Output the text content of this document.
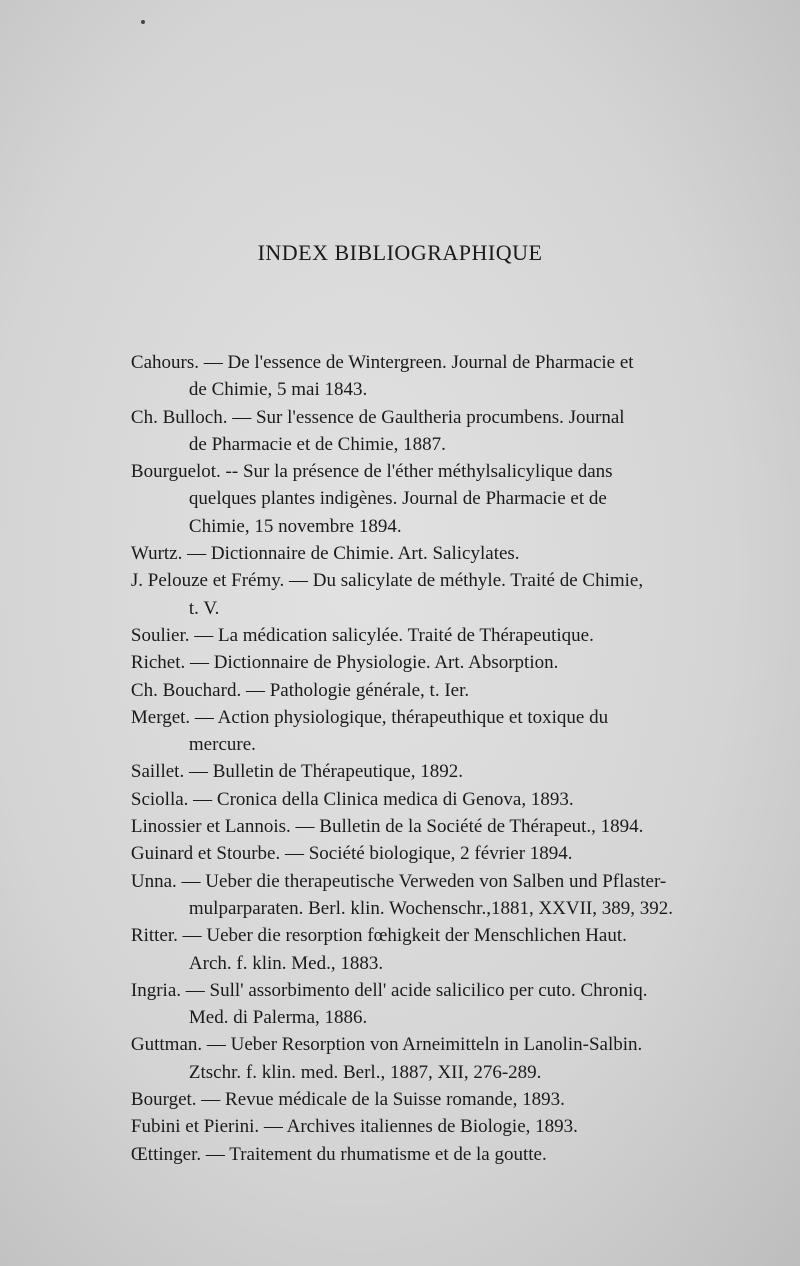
INDEX BIBLIOGRAPHIQUE

Cahours. — De l'essence de Wintergreen. Journal de Pharmacie et
de Chimie, 5 mai 1843.

Ch. Bulloch. — Sur l'essence de Gaultheria procumbens. Journal
de Pharmacie et de Chimie, 1887.

Bourguelot. -- Sur la présence de l'éther méthylsalicylique dans
quelques plantes indigènes. Journal de Pharmacie et de
Chimie, 15 novembre 1894.

Wurtz. — Dictionnaire de Chimie. Art. Salicylates.

J. Pelouze et Frémy. — Du salicylate de méthyle. Traité de Chimie,
t. V.

Soulier. — La médication salicylée. Traité de Thérapeutique.

Richet. — Dictionnaire de Physiologie. Art. Absorption.

Ch. Bouchard. — Pathologie générale, t. Ier.

Merget. — Action physiologique, thérapeuthique et toxique du
mercure.

Saillet. — Bulletin de Thérapeutique, 1892.

Sciolla. — Cronica della Clinica medica di Genova, 1893.

Linossier et Lannois. — Bulletin de la Société de Thérapeut., 1894.

Guinard et Stourbe. — Société biologique, 2 février 1894.

Unna. — Ueber die therapeutische Verweden von Salben und Pflaster-
mulparparaten. Berl. klin. Wochenschr.,1881, XXVII, 389, 392.

Ritter. — Ueber die resorption fœhigkeit der Menschlichen Haut.
Arch. f. klin. Med., 1883.

Ingria. — Sull' assorbimento dell' acide salicilico per cuto. Chroniq.
Med. di Palerma, 1886.

Guttman. — Ueber Resorption von Arneimitteln in Lanolin-Salbin.
Ztschr. f. klin. med. Berl., 1887, XII, 276-289.

Bourget. — Revue médicale de la Suisse romande, 1893.

Fubini et Pierini. — Archives italiennes de Biologie, 1893.

Œttinger. — Traitement du rhumatisme et de la goutte.
